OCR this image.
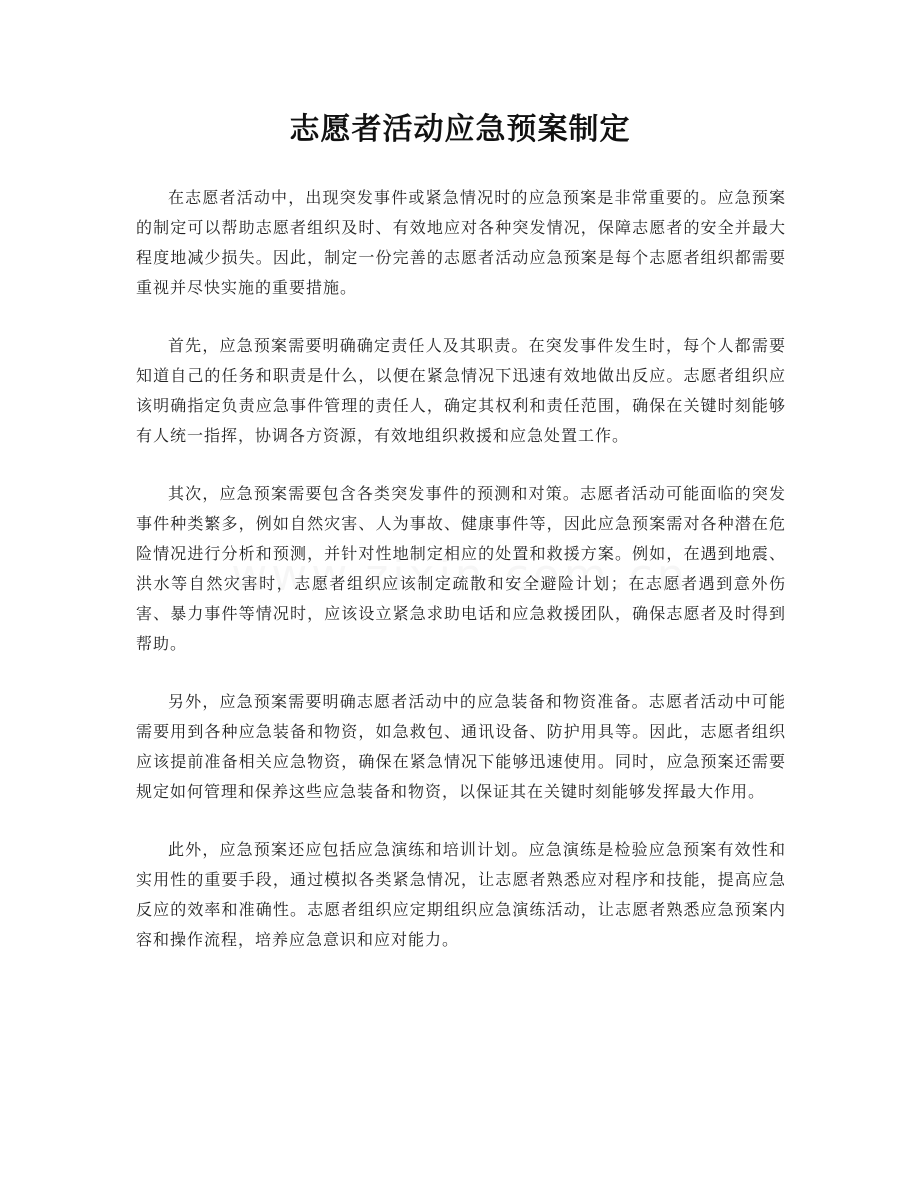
志愿者活动应急预案制定

在志愿者活动中，出现突发事件或紧急情况时的应急预案是非常重要的。应急预案的制定可以帮助志愿者组织及时、有效地应对各种突发情况，保障志愿者的安全并最大程度地减少损失。因此，制定一份完善的志愿者活动应急预案是每个志愿者组织都需要重视并尽快实施的重要措施。

首先，应急预案需要明确确定责任人及其职责。在突发事件发生时，每个人都需要知道自己的任务和职责是什么，以便在紧急情况下迅速有效地做出反应。志愿者组织应该明确指定负责应急事件管理的责任人，确定其权利和责任范围，确保在关键时刻能够有人统一指挥，协调各方资源，有效地组织救援和应急处置工作。

其次，应急预案需要包含各类突发事件的预测和对策。志愿者活动可能面临的突发事件种类繁多，例如自然灾害、人为事故、健康事件等，因此应急预案需对各种潜在危险情况进行分析和预测，并针对性地制定相应的处置和救援方案。例如，在遇到地震、洪水等自然灾害时，志愿者组织应该制定疏散和安全避险计划；在志愿者遇到意外伤害、暴力事件等情况时，应该设立紧急求助电话和应急救援团队，确保志愿者及时得到帮助。

另外，应急预案需要明确志愿者活动中的应急装备和物资准备。志愿者活动中可能需要用到各种应急装备和物资，如急救包、通讯设备、防护用具等。因此，志愿者组织应该提前准备相关应急物资，确保在紧急情况下能够迅速使用。同时，应急预案还需要规定如何管理和保养这些应急装备和物资，以保证其在关键时刻能够发挥最大作用。

此外，应急预案还应包括应急演练和培训计划。应急演练是检验应急预案有效性和实用性的重要手段，通过模拟各类紧急情况，让志愿者熟悉应对程序和技能，提高应急反应的效率和准确性。志愿者组织应定期组织应急演练活动，让志愿者熟悉应急预案内容和操作流程，培养应急意识和应对能力。
